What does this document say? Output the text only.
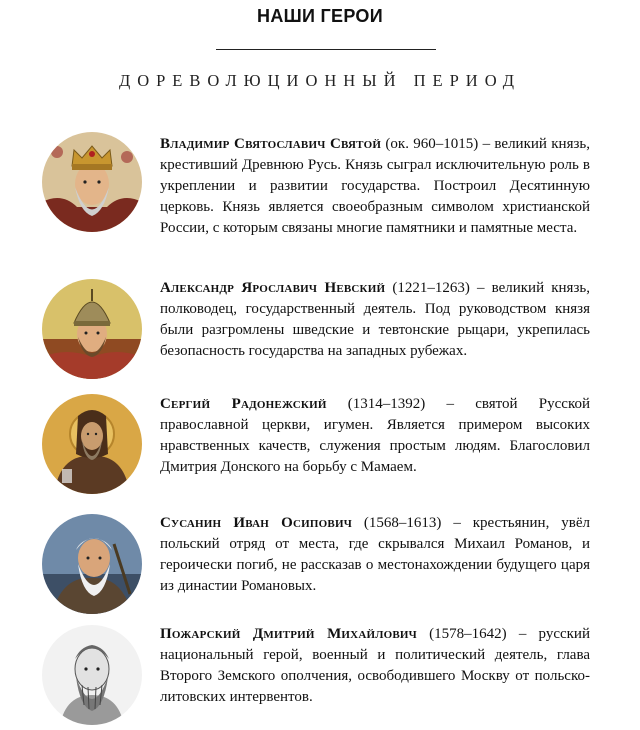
НАШИ ГЕРОИ
ДОРЕВОЛЮЦИОННЫЙ ПЕРИОД

Владимир Святославич Святой (ок. 960–1015) – великий князь, крестивший Древнюю Русь. Князь сыграл исключительную роль в укреплении и развитии государства. Построил Десятинную церковь. Князь является своеобразным символом христианской России, с которым связаны многие памятники и памятные места.

Александр Ярославич Невский (1221–1263) – великий князь, полководец, государственный деятель. Под руководством князя были разгромлены шведские и тевтонские рыцари, укрепилась безопасность государства на западных рубежах.

Сергий Радонежский (1314–1392) – святой Русской православной церкви, игумен. Является примером высоких нравственных качеств, служения простым людям. Благословил Дмитрия Донского на борьбу с Мамаем.

Сусанин Иван Осипович (1568–1613) – крестьянин, увёл польский отряд от места, где скрывался Михаил Романов, и героически погиб, не рассказав о местонахождении будущего царя из династии Романовых.

Пожарский Дмитрий Михайлович (1578–1642) – русский национальный герой, военный и политический деятель, глава Второго Земского ополчения, освободившего Москву от польско-литовских интервентов.
